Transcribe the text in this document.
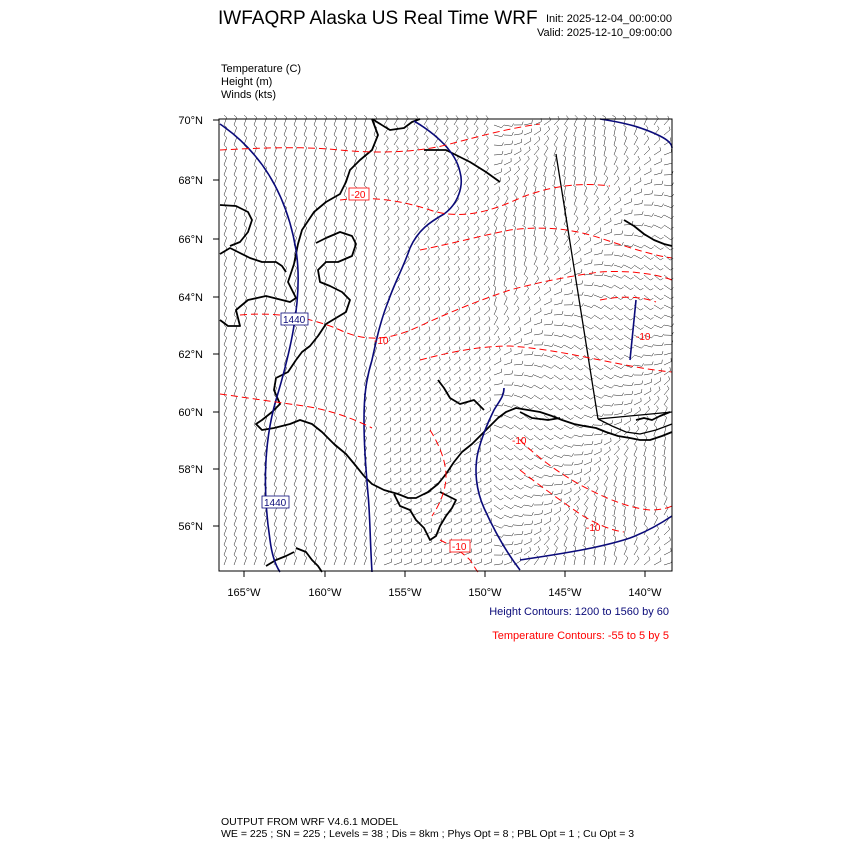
IWFAQRP Alaska US Real Time WRF Init: 2025-12-04_00:00:00
Valid: 2025-12-10_09:00:00
Temperature (C)
Height (m)
Winds (kts)
70°N
68°N
66°N
64°N
62°N
60°N
58°N
56°N
165°W	160°W	155°W	150°W	145°W	140°W
1440
1440
-20
-10
-10
-10
-10
-10
Height Contours: 1200 to 1560 by 60
Temperature Contours: -55 to 5 by 5
OUTPUT FROM WRF V4.6.1 MODEL
WE = 225 ; SN = 225 ; Levels = 38 ; Dis = 8km ; Phys Opt = 8 ; PBL Opt = 1 ; Cu Opt = 3
